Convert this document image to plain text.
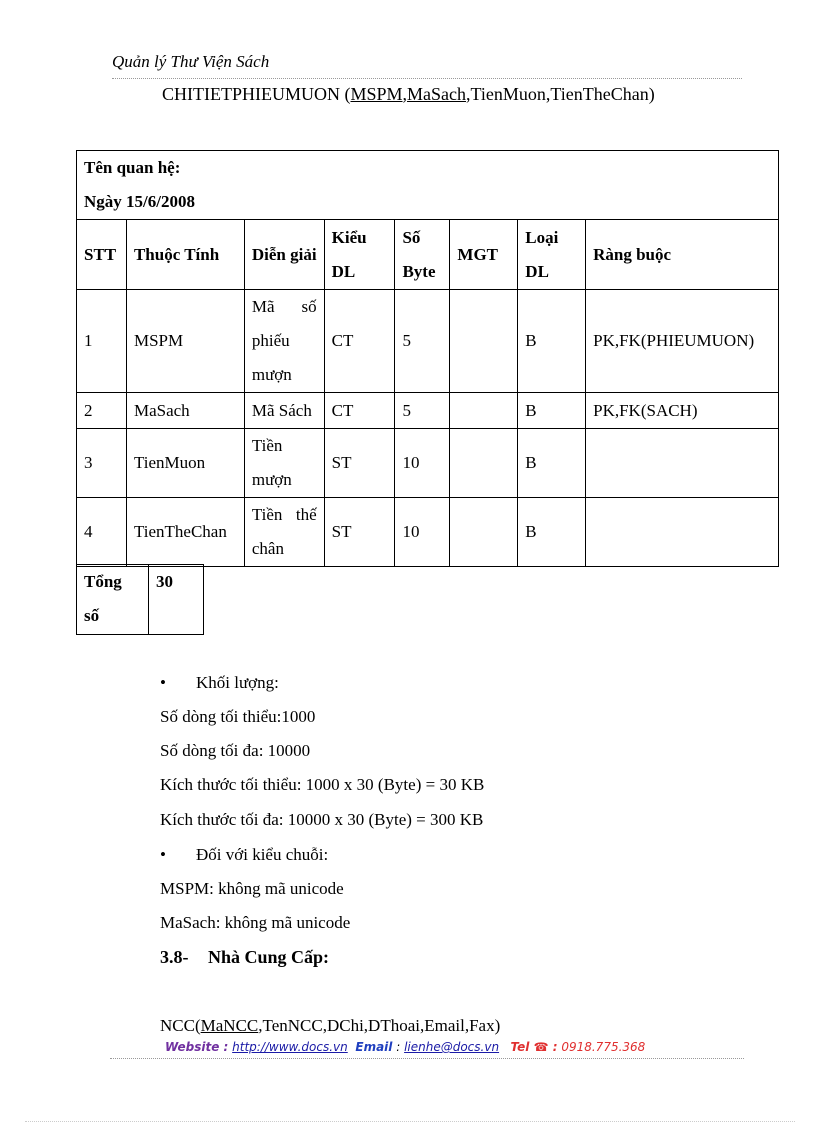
Quản lý Thư Viện Sách
CHITIETPHIEUMUON (MSPM,MaSach,TienMuon,TienTheChan)
Tên quan hệ:
Ngày 15/6/2008							

STT	Thuộc Tính	Diễn giải	Kiểu DL	Số Byte	MGT	Loại DL	Ràng buộc
1	MSPM	Mã số phiếu mượn	CT	5		B	PK,FK(PHIEUMUON)
2	MaSach	Mã Sách	CT	5		B	PK,FK(SACH)
3	TienMuon	Tiền mượn	ST	10		B	
4	TienTheChan	Tiền thế chân	ST	10		B	
Tổng số	30
• Khối lượng:
Số dòng tối thiểu:1000
Số dòng tối đa: 10000
Kích thước tối thiểu: 1000 x 30 (Byte) = 30 KB
Kích thước tối đa: 10000 x 30 (Byte) = 300 KB
• Đối với kiểu chuỗi:
MSPM: không mã unicode
MaSach: không mã unicode
3.8- Nhà Cung Cấp:
NCC(MaNCC,TenNCC,DChi,DThoai,Email,Fax)
Website : http://www.docs.vn Email : lienhe@docs.vn Tel ☎ : 0918.775.368
